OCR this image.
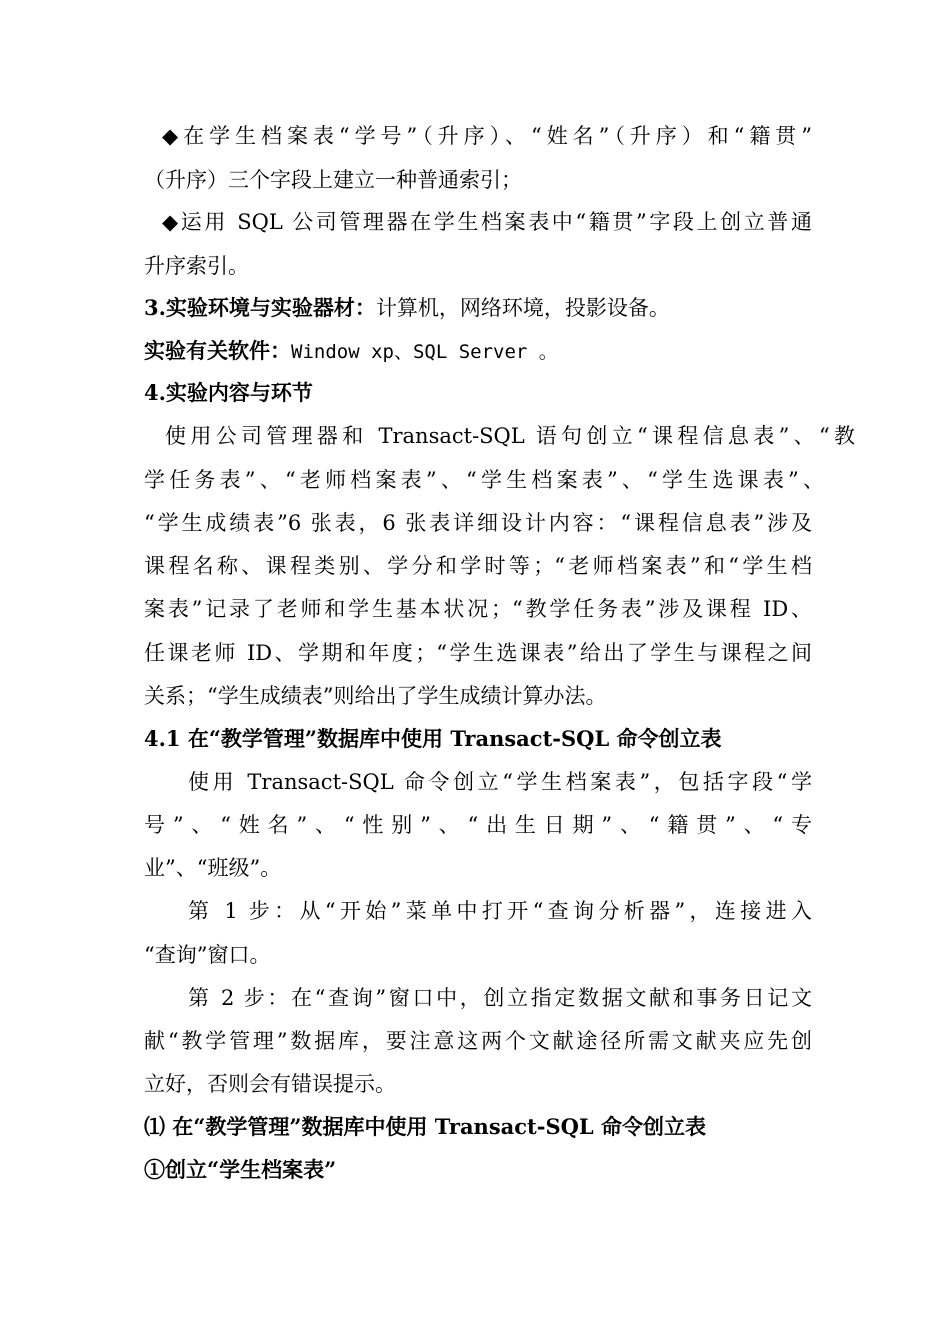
◆在学生档案表“学号”（升序）、“姓名”（升序）和“籍贯”
（升序）三个字段上建立一种普通索引；
◆运用 SQL 公司管理器在学生档案表中“籍贯”字段上创立普通
升序索引。
3.实验环境与实验器材：计算机，网络环境，投影设备。
实验有关软件：Window xp、SQL Server 。
4.实验内容与环节
使用公司管理器和 Transact-SQL 语句创立“课程信息表”、“教
学任务表”、“老师档案表”、“学生档案表”、“学生选课表”、
“学生成绩表”6 张表，6 张表详细设计内容：“课程信息表”涉及
课程名称、课程类别、学分和学时等；“老师档案表”和“学生档
案表”记录了老师和学生基本状况；“教学任务表”涉及课程 ID、
任课老师 ID、学期和年度；“学生选课表”给出了学生与课程之间
关系；“学生成绩表”则给出了学生成绩计算办法。
4.1 在“教学管理”数据库中使用 Transact-SQL 命令创立表
使用 Transact-SQL 命令创立“学生档案表”，包括字段“学
号”、“姓名”、“性别”、“出生日期”、“籍贯”、“专
业”、“班级”。
第 1 步：从“开始”菜单中打开“查询分析器”，连接进入
“查询”窗口。
第 2 步：在“查询”窗口中，创立指定数据文献和事务日记文
献“教学管理”数据库，要注意这两个文献途径所需文献夹应先创
立好，否则会有错误提示。
⑴ 在“教学管理”数据库中使用 Transact-SQL 命令创立表
①创立“学生档案表”
